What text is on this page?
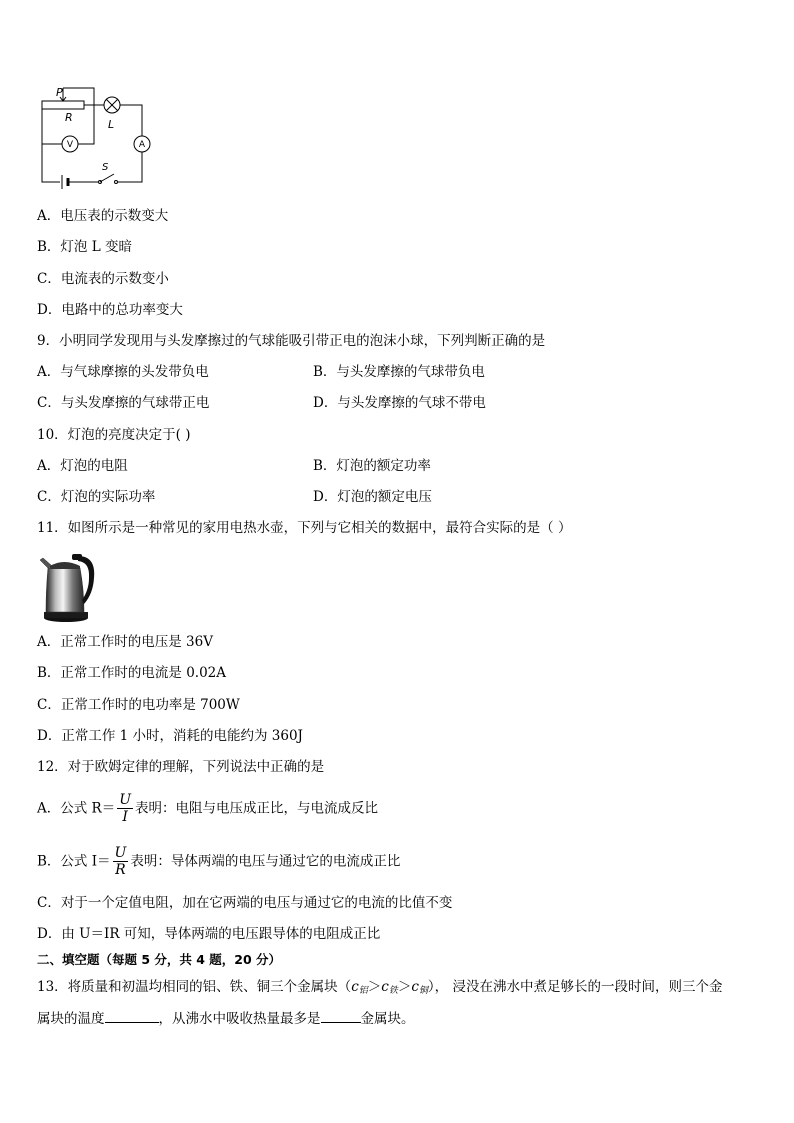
P
R
L
S
A
V
A．电压表的示数变大
B．灯泡 L 变暗
C．电流表的示数变小
D．电路中的总功率变大
9．小明同学发现用与头发摩擦过的气球能吸引带正电的泡沫小球，下列判断正确的是
A．与气球摩擦的头发带负电	B．与头发摩擦的气球带负电
C．与头发摩擦的气球带正电	D．与头发摩擦的气球不带电
10．灯泡的亮度决定于( )
A．灯泡的电阻	B．灯泡的额定功率
C．灯泡的实际功率	D．灯泡的额定电压
11．如图所示是一种常见的家用电热水壶，下列与它相关的数据中，最符合实际的是（ ）
A．正常工作时的电压是 36V
B．正常工作时的电流是 0.02A
C．正常工作时的电功率是 700W
D．正常工作 1 小时，消耗的电能约为 360J
12．对于欧姆定律的理解，下列说法中正确的是
A．公式 $R= \frac{U}{I}$ 表明：电阻与电压成正比，与电流成反比
B．公式 $I= \frac{U}{R}$ 表明：导体两端的电压与通过它的电流成正比
C．对于一个定值电阻，加在它两端的电压与通过它的电流的比值不变
D．由 U＝IR 可知，导体两端的电压跟导体的电阻成正比
二、填空题（每题 5 分，共 4 题，20 分）
13．将质量和初温均相同的铝、铁、铜三个金属块$(c_铝>c_铁>c_铜)$， 浸没在沸水中煮足够长的一段时间，则三个金
属块的温度	，从沸水中吸收热量最多是	金属块。
